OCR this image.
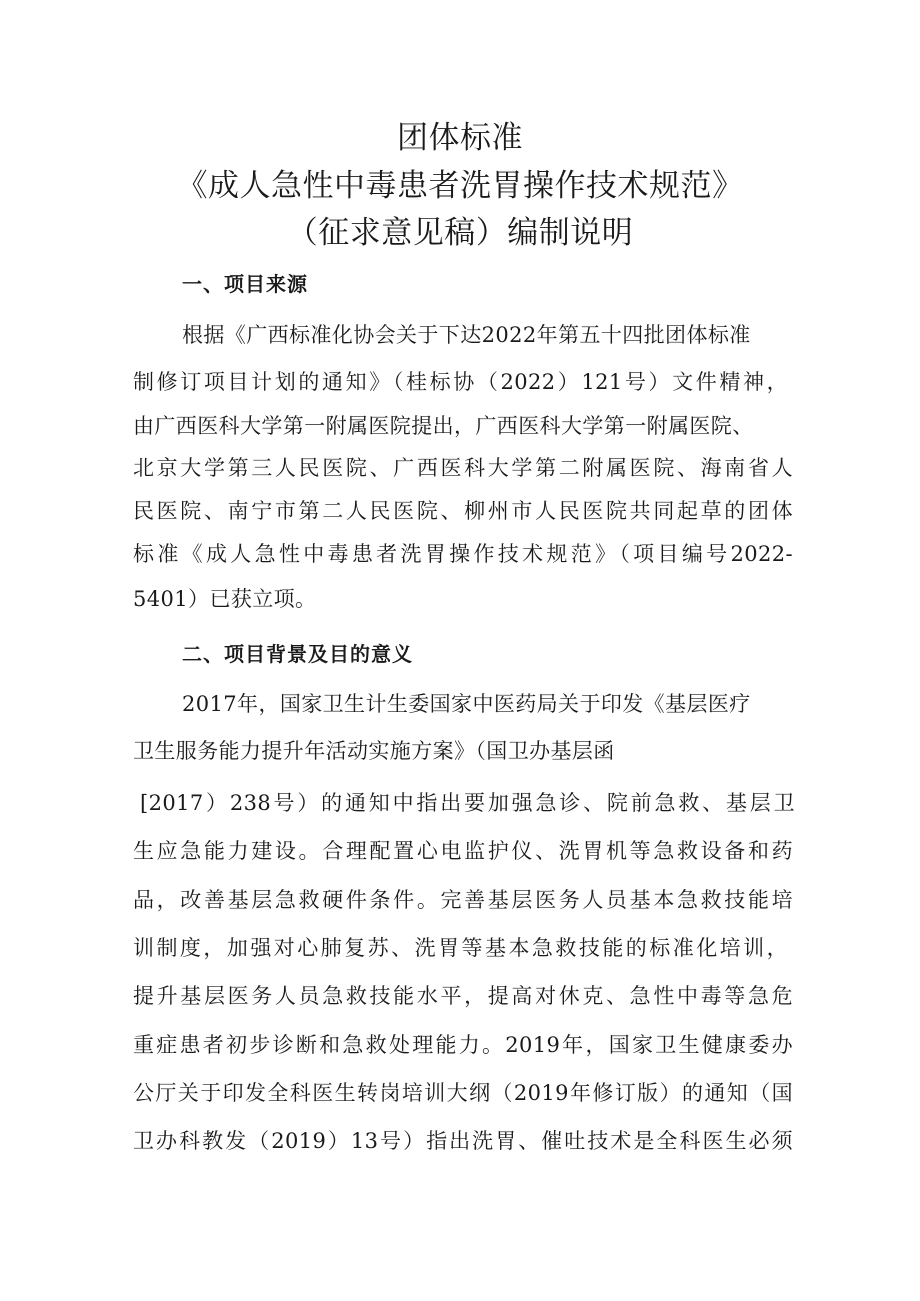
团体标准
《成人急性中毒患者洗胃操作技术规范》
（征求意见稿）编制说明
一、项目来源
根据《广西标准化协会关于下达2022年第五十四批团体标准
制修订项目计划的通知》（桂标协（2022）121号）文件精神，
由广西医科大学第一附属医院提出，广西医科大学第一附属医院、
北京大学第三人民医院、广西医科大学第二附属医院、海南省人
民医院、南宁市第二人民医院、柳州市人民医院共同起草的团体
标准《成人急性中毒患者洗胃操作技术规范》（项目编号2022-
5401）已获立项。
二、项目背景及目的意义
2017年，国家卫生计生委国家中医药局关于印发《基层医疗
卫生服务能力提升年活动实施方案》（国卫办基层函
[2017）238号）的通知中指出要加强急诊、院前急救、基层卫
生应急能力建设。合理配置心电监护仪、洗胃机等急救设备和药
品，改善基层急救硬件条件。完善基层医务人员基本急救技能培
训制度，加强对心肺复苏、洗胃等基本急救技能的标准化培训，
提升基层医务人员急救技能水平，提高对休克、急性中毒等急危
重症患者初步诊断和急救处理能力。2019年，国家卫生健康委办
公厅关于印发全科医生转岗培训大纲（2019年修订版）的通知（国
卫办科教发（2019）13号）指出洗胃、催吐技术是全科医生必须
